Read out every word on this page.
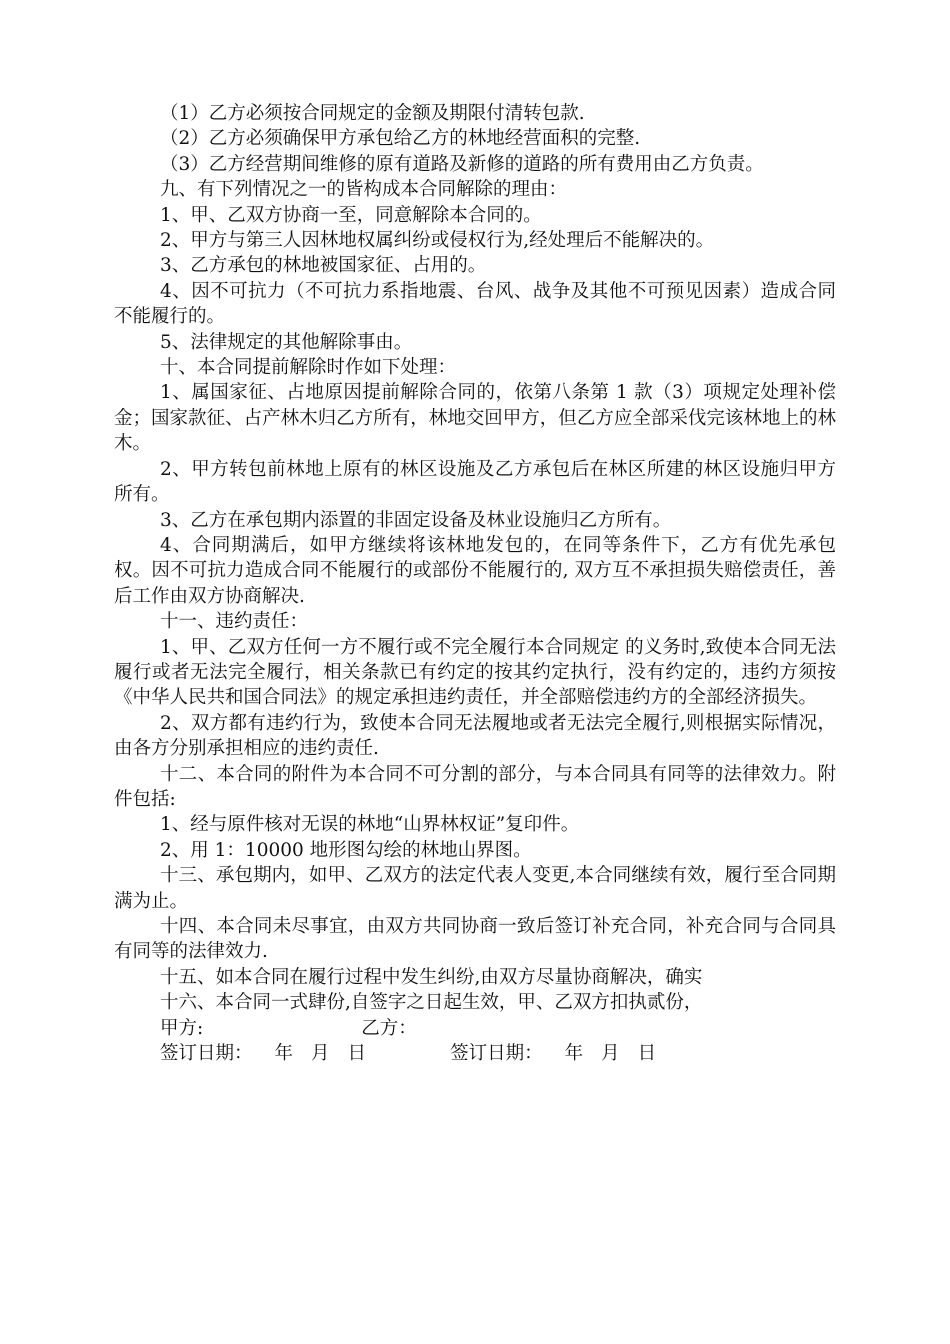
（1）乙方必须按合同规定的金额及期限付清转包款.

（2）乙方必须确保甲方承包给乙方的林地经营面积的完整.

（3）乙方经营期间维修的原有道路及新修的道路的所有费用由乙方负责。

九、有下列情况之一的皆构成本合同解除的理由：

1、甲、乙双方协商一至，同意解除本合同的。

2、甲方与第三人因林地权属纠纷或侵权行为,经处理后不能解决的。

3、乙方承包的林地被国家征、占用的。

4、因不可抗力（不可抗力系指地震、台风、战争及其他不可预见因素）造成合同不能履行的。

5、法律规定的其他解除事由。

十、本合同提前解除时作如下处理：

1、属国家征、占地原因提前解除合同的，依第八条第 1 款（3）项规定处理补偿金；国家款征、占产林木归乙方所有，林地交回甲方，但乙方应全部采伐完该林地上的林木。

2、甲方转包前林地上原有的林区设施及乙方承包后在林区所建的林区设施归甲方所有。

3、乙方在承包期内添置的非固定设备及林业设施归乙方所有。

4、合同期满后，如甲方继续将该林地发包的，在同等条件下，乙方有优先承包权。因不可抗力造成合同不能履行的或部份不能履行的, 双方互不承担损失赔偿责任，善后工作由双方协商解决.

十一、违约责任：

1、甲、乙双方任何一方不履行或不完全履行本合同规定 的义务时,致使本合同无法履行或者无法完全履行，相关条款已有约定的按其约定执行，没有约定的，违约方须按《中华人民共和国合同法》的规定承担违约责任，并全部赔偿违约方的全部经济损失。

2、双方都有违约行为，致使本合同无法履地或者无法完全履行,则根据实际情况，由各方分别承担相应的违约责任.

十二、本合同的附件为本合同不可分割的部分，与本合同具有同等的法律效力。附件包括:

1、经与原件核对无误的林地“山界林权证”复印件。

2、用 1：10000 地形图勾绘的林地山界图。

十三、承包期内，如甲、乙双方的法定代表人变更,本合同继续有效，履行至合同期满为止。

十四、本合同未尽事宜，由双方共同协商一致后签订补充合同，补充合同与合同具有同等的法律效力.

十五、如本合同在履行过程中发生纠纷,由双方尽量协商解决，确实

十六、本合同一式肆份,自签字之日起生效，甲、乙双方扣执贰份，

甲方:	乙方：

签订日期： 年 月 日	签订日期： 年 月 日
